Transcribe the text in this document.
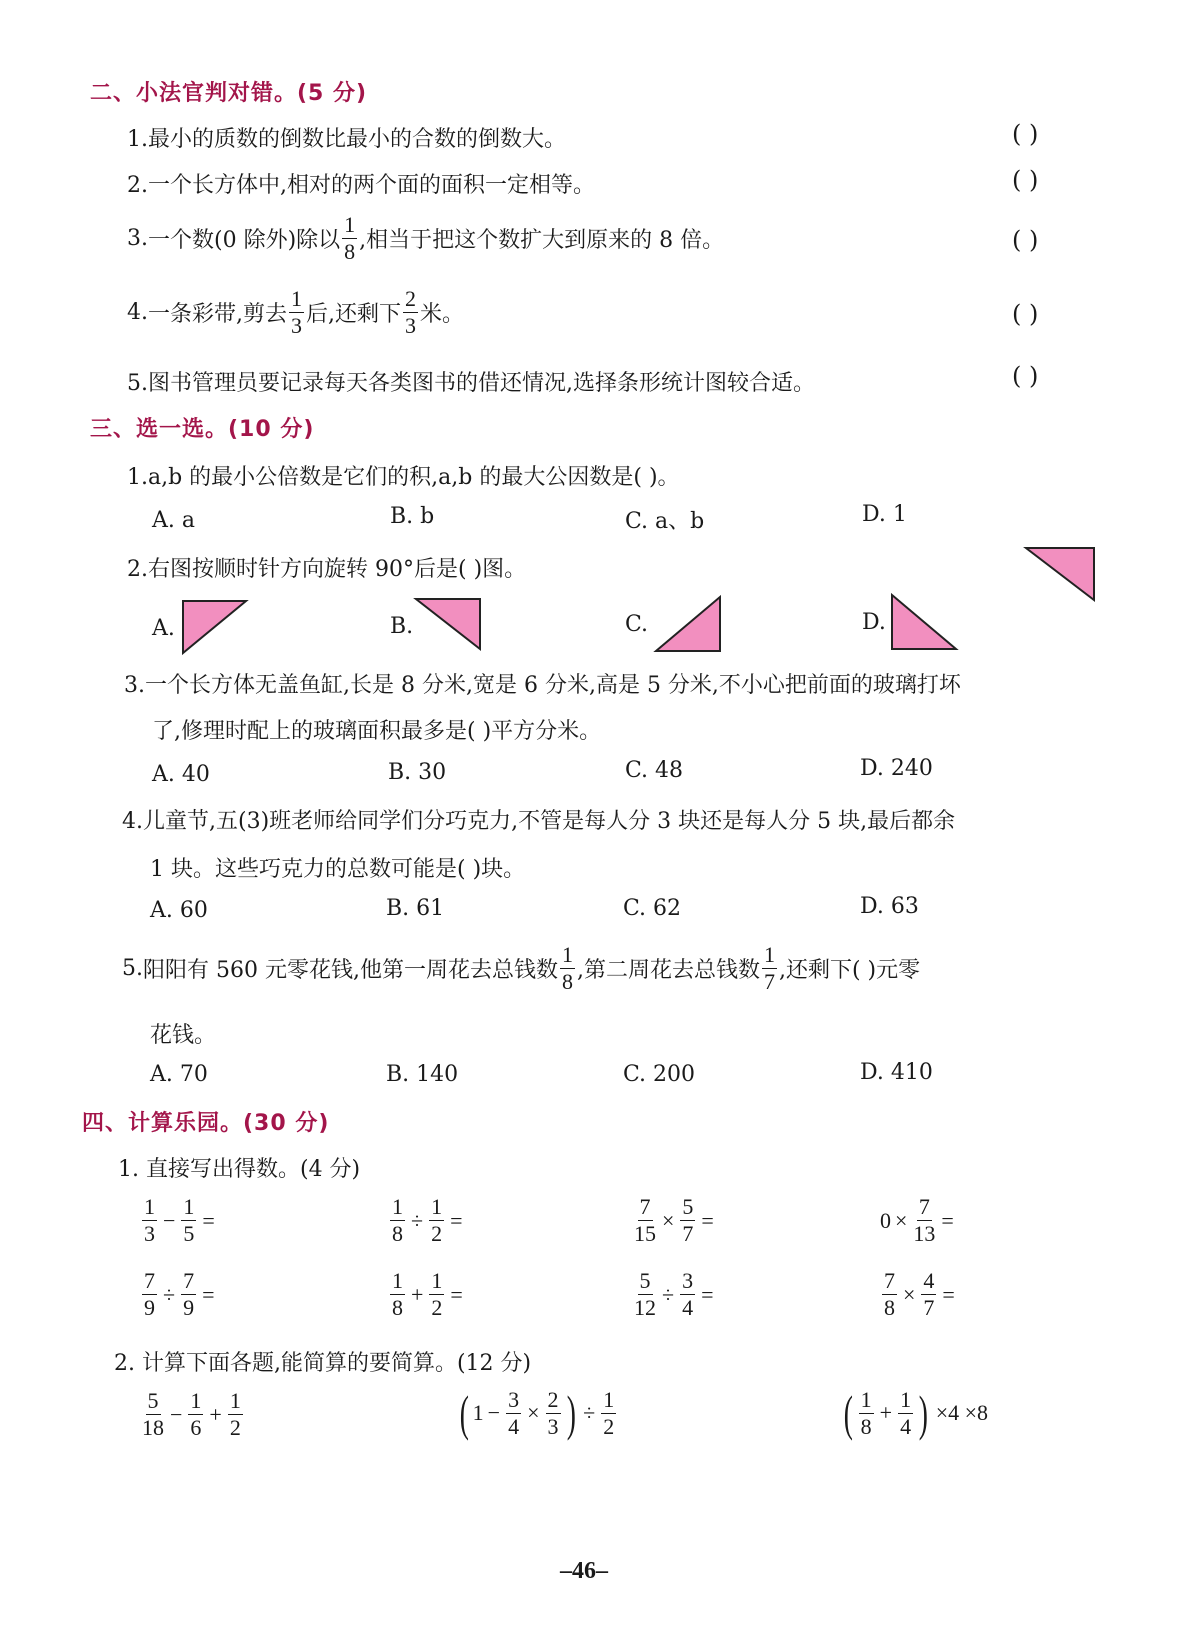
二、小法官判对错。(5 分)
1.最小的质数的倒数比最小的合数的倒数大。	( )
2.一个长方体中,相对的两个面的面积一定相等。	( )
3. 一个数(0 除外)除以 $\frac{1}{8}$ ,相当于把这个数扩大到原来的 8 倍。	( )
4. 一条彩带,剪去 $\frac{1}{3}$ 后,还剩下 $\frac{2}{3}$ 米。	( )
5.图书管理员要记录每天各类图书的借还情况,选择条形统计图较合适。	( )
三、选一选。(10 分)
1.a,b 的最小公倍数是它们的积,a,b 的最大公因数是( )。
A. a	B. b	C. a、b	D. 1
2.右图按顺时针方向旋转 90°后是( )图。
A.	B.	C.	D.
3.一个长方体无盖鱼缸,长是 8 分米,宽是 6 分米,高是 5 分米,不小心把前面的玻璃打坏
了,修理时配上的玻璃面积最多是( )平方分米。
A. 40	B. 30	C. 48	D. 240
4.儿童节,五(3)班老师给同学们分巧克力,不管是每人分 3 块还是每人分 5 块,最后都余
1 块。这些巧克力的总数可能是( )块。
A. 60	B. 61	C. 62	D. 63
5. 阳阳有 560 元零花钱,他第一周花去总钱数 $\frac{1}{8}$ ,第二周花去总钱数 $\frac{1}{7}$ ,还剩下( )元零
花钱。
A. 70	B. 140	C. 200	D. 410
四、计算乐园。(30 分)
1. 直接写出得数。(4 分)
$\frac{1}{3} - \frac{1}{5}$ =	$\frac{1}{8} \div \frac{1}{2}$ =	$\frac{7}{15} \times \frac{5}{7}$ =	$0 \times \frac{7}{13}$ =
$\frac{7}{9} \div \frac{7}{9}$ =	$\frac{1}{8} + \frac{1}{2}$ =	$\frac{5}{12} \div \frac{3}{4}$ =	$\frac{7}{8} \times \frac{4}{7}$ =
2. 计算下面各题,能简算的要简算。(12 分)
$\frac{5}{18} - \frac{1}{6} + \frac{1}{2}$	( $1 - \frac{3}{4} \times \frac{2}{3}$ ) ÷ $\frac{1}{2}$	( $\frac{1}{8} + \frac{1}{4}$ ) ×4 ×8
–46–
